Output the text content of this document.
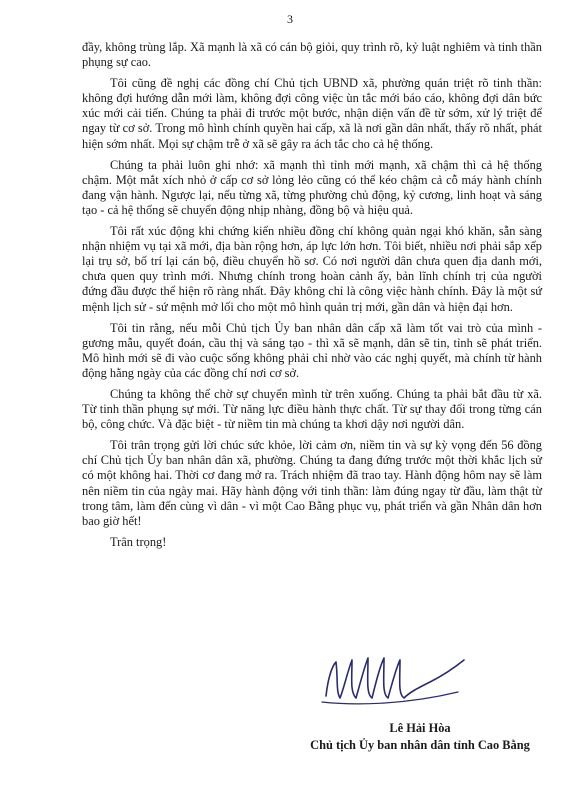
3

đầy, không trùng lắp. Xã mạnh là xã có cán bộ giỏi, quy trình rõ, kỷ luật nghiêm và tinh thần phụng sự cao.

Tôi cũng đề nghị các đồng chí Chủ tịch UBND xã, phường quán triệt rõ tinh thần: không đợi hướng dẫn mới làm, không đợi công việc ùn tắc mới báo cáo, không đợi dân bức xúc mới cải tiến. Chúng ta phải đi trước một bước, nhận diện vấn đề từ sớm, xử lý triệt để ngay từ cơ sở. Trong mô hình chính quyền hai cấp, xã là nơi gần dân nhất, thấy rõ nhất, phát hiện sớm nhất. Mọi sự chậm trễ ở xã sẽ gây ra ách tắc cho cả hệ thống.

Chúng ta phải luôn ghi nhớ: xã mạnh thì tỉnh mới mạnh, xã chậm thì cả hệ thống chậm. Một mắt xích nhỏ ở cấp cơ sở lỏng lẻo cũng có thể kéo chậm cả cỗ máy hành chính đang vận hành. Ngược lại, nếu từng xã, từng phường chủ động, kỷ cương, linh hoạt và sáng tạo - cả hệ thống sẽ chuyển động nhịp nhàng, đồng bộ và hiệu quả.

Tôi rất xúc động khi chứng kiến nhiều đồng chí không quản ngại khó khăn, sẵn sàng nhận nhiệm vụ tại xã mới, địa bàn rộng hơn, áp lực lớn hơn. Tôi biết, nhiều nơi phải sắp xếp lại trụ sở, bố trí lại cán bộ, điều chuyển hồ sơ. Có nơi người dân chưa quen địa danh mới, chưa quen quy trình mới. Nhưng chính trong hoàn cảnh ấy, bản lĩnh chính trị của người đứng đầu được thể hiện rõ ràng nhất. Đây không chỉ là công việc hành chính. Đây là một sứ mệnh lịch sử - sứ mệnh mở lối cho một mô hình quản trị mới, gần dân và hiện đại hơn.

Tôi tin rằng, nếu mỗi Chủ tịch Ủy ban nhân dân cấp xã làm tốt vai trò của mình - gương mẫu, quyết đoán, cầu thị và sáng tạo - thì xã sẽ mạnh, dân sẽ tin, tỉnh sẽ phát triển. Mô hình mới sẽ đi vào cuộc sống không phải chỉ nhờ vào các nghị quyết, mà chính từ hành động hằng ngày của các đồng chí nơi cơ sở.

Chúng ta không thể chờ sự chuyển mình từ trên xuống. Chúng ta phải bắt đầu từ xã. Từ tinh thần phụng sự mới. Từ năng lực điều hành thực chất. Từ sự thay đổi trong từng cán bộ, công chức. Và đặc biệt - từ niềm tin mà chúng ta khơi dậy nơi người dân.

Tôi trân trọng gửi lời chúc sức khỏe, lời cảm ơn, niềm tin và sự kỳ vọng đến 56 đồng chí Chủ tịch Ủy ban nhân dân xã, phường. Chúng ta đang đứng trước một thời khắc lịch sử có một không hai. Thời cơ đang mở ra. Trách nhiệm đã trao tay. Hành động hôm nay sẽ làm nên niềm tin của ngày mai. Hãy hành động với tinh thần: làm đúng ngay từ đầu, làm thật từ trong tâm, làm đến cùng vì dân - vì một Cao Bằng phục vụ, phát triển và gần Nhân dân hơn bao giờ hết!

Trân trọng!

Lê Hải Hòa
Chủ tịch Ủy ban nhân dân tỉnh Cao Bằng
